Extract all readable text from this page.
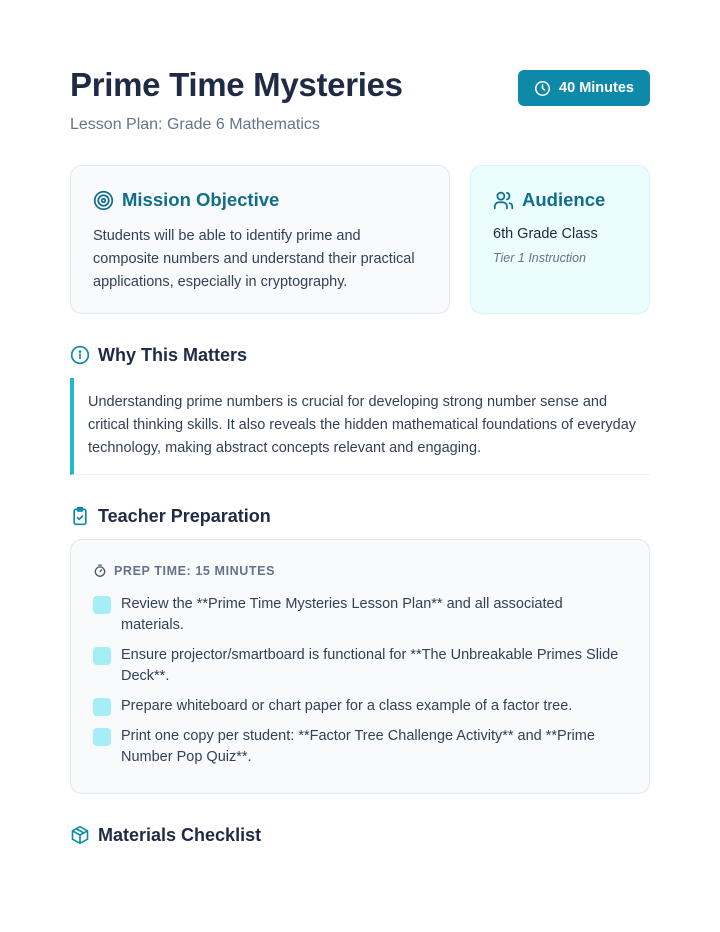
Prime Time Mysteries

Lesson Plan: Grade 6 Mathematics

40 Minutes
Mission Objective

Students will be able to identify prime and composite numbers and understand their practical applications, especially in cryptography.

Audience

6th Grade Class

Tier 1 Instruction

Why This Matters

Understanding prime numbers is crucial for developing strong number sense and critical thinking skills. It also reveals the hidden mathematical foundations of everyday technology, making abstract concepts relevant and engaging.

Teacher Preparation
PREP TIME: 15 MINUTES
Review the **Prime Time Mysteries Lesson Plan** and all associated materials.
Ensure projector/smartboard is functional for **The Unbreakable Primes Slide Deck**.
Prepare whiteboard or chart paper for a class example of a factor tree.
Print one copy per student: **Factor Tree Challenge Activity** and **Prime Number Pop Quiz**.
Materials Checklist
